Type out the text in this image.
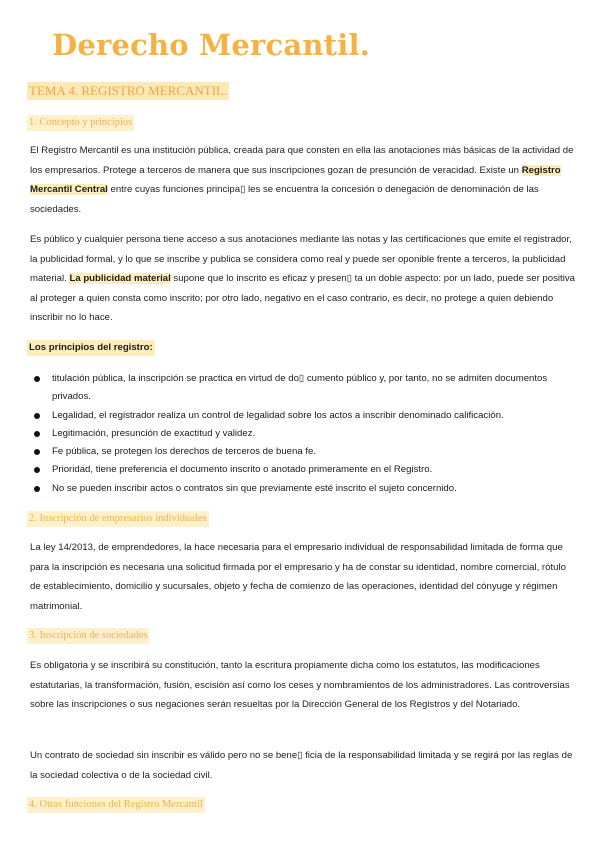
Derecho Mercantil.
TEMA 4. REGISTRO MERCANTIL.
1. Concepto y principios
El Registro Mercantil es una institución pública, creada para que consten en ella las anotaciones más básicas de la actividad de los empresarios. Protege a terceros de manera que sus inscripciones gozan de presunción de veracidad. Existe un Registro Mercantil Central entre cuyas funciones principa▯ les se encuentra la concesión o denegación de denominación de las sociedades.
Es público y cualquier persona tiene acceso a sus anotaciones mediante las notas y las certificaciones que emite el registrador, la publicidad formal, y lo que se inscribe y publica se considera como real y puede ser oponible frente a terceros, la publicidad material. La publicidad material supone que lo inscrito es eficaz y presen▯ ta un doble aspecto: por un lado, puede ser positiva al proteger a quien consta como inscrito; por otro lado, negativo en el caso contrario, es decir, no protege a quien debiendo inscribir no lo hace.
Los principios del registro:
titulación pública, la inscripción se practica en virtud de do▯ cumento público y, por tanto, no se admiten documentos privados.
Legalidad, el registrador realiza un control de legalidad sobre los actos a inscribir denominado calificación.
Legitimación, presunción de exactitud y validez.
Fe pública, se protegen los derechos de terceros de buena fe.
Prioridad, tiene preferencia el documento inscrito o anotado primeramente en el Registro.
No se pueden inscribir actos o contratos sin que previamente esté inscrito el sujeto concernido.
2. Inscripción de empresarios individuales
La ley 14/2013, de emprendedores, la hace necesaria para el empresario individual de responsabilidad limitada de forma que para la inscripción es necesaria una solicitud firmada por el empresario y ha de constar su identidad, nombre comercial, rótulo de establecimiento, domicilio y sucursales, objeto y fecha de comienzo de las operaciones, identidad del cónyuge y régimen matrimonial.
3. Inscripción de sociedades
Es obligatoria y se inscribirá su constitución, tanto la escritura propiamente dicha como los estatutos, las modificaciones estatutarias, la transformación, fusión, escisión así como los ceses y nombramientos de los administradores. Las controversias sobre las inscripciones o sus negaciones serán resueltas por la Dirección General de los Registros y del Notariado.
Un contrato de sociedad sin inscribir es válido pero no se bene▯ ficia de la responsabilidad limitada y se regirá por las reglas de la sociedad colectiva o de la sociedad civil.
4. Otras funciones del Registro Mercantil
